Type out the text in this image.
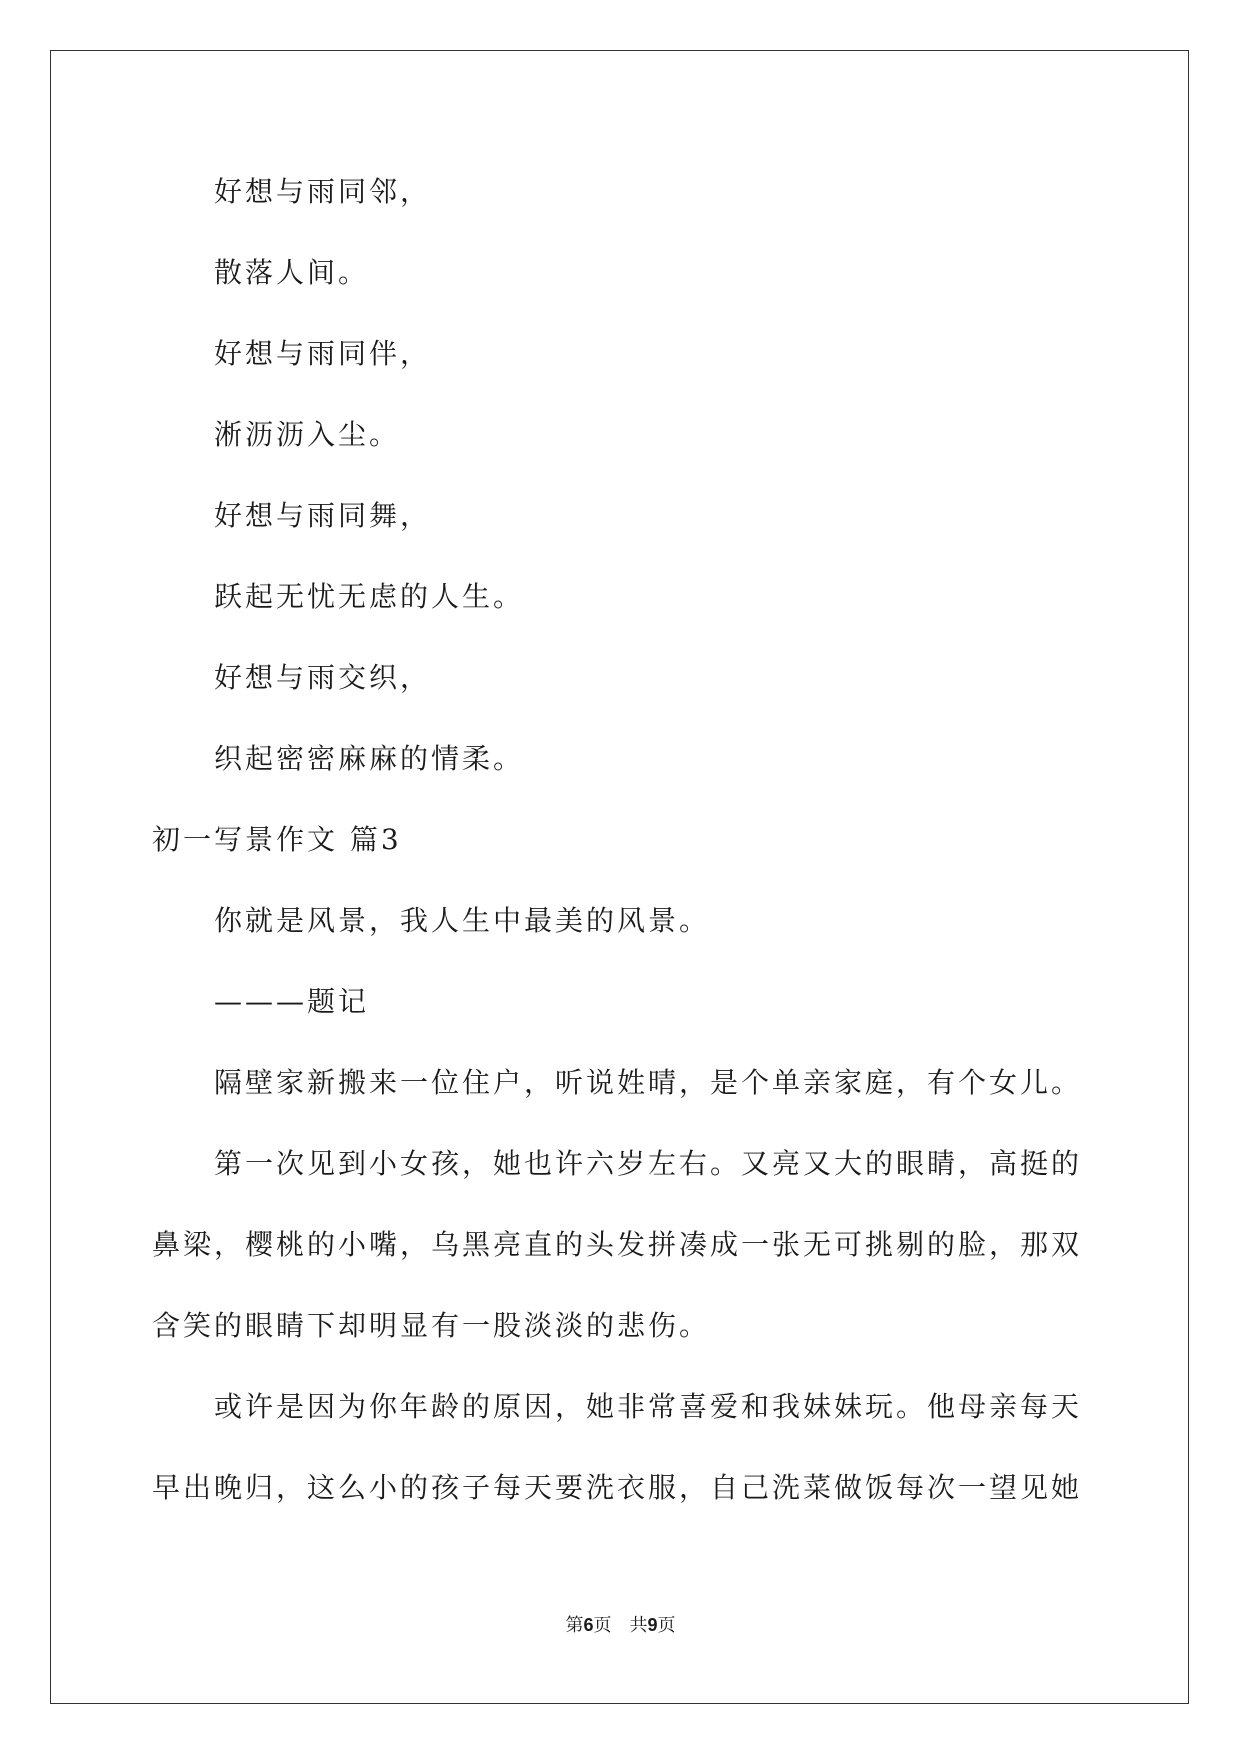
好想与雨同邻，
散落人间。
好想与雨同伴，
淅沥沥入尘。
好想与雨同舞，
跃起无忧无虑的人生。
好想与雨交织，
织起密密麻麻的情柔。
初一写景作文 篇3
你就是风景，我人生中最美的风景。
———题记
隔壁家新搬来一位住户，听说姓晴，是个单亲家庭，有个女儿。
第一次见到小女孩，她也许六岁左右。又亮又大的眼睛，高挺的
鼻梁，樱桃的小嘴，乌黑亮直的头发拼凑成一张无可挑剔的脸，那双
含笑的眼睛下却明显有一股淡淡的悲伤。
或许是因为你年龄的原因，她非常喜爱和我妹妹玩。他母亲每天
早出晚归，这么小的孩子每天要洗衣服，自己洗菜做饭每次一望见她
第6页　共9页
